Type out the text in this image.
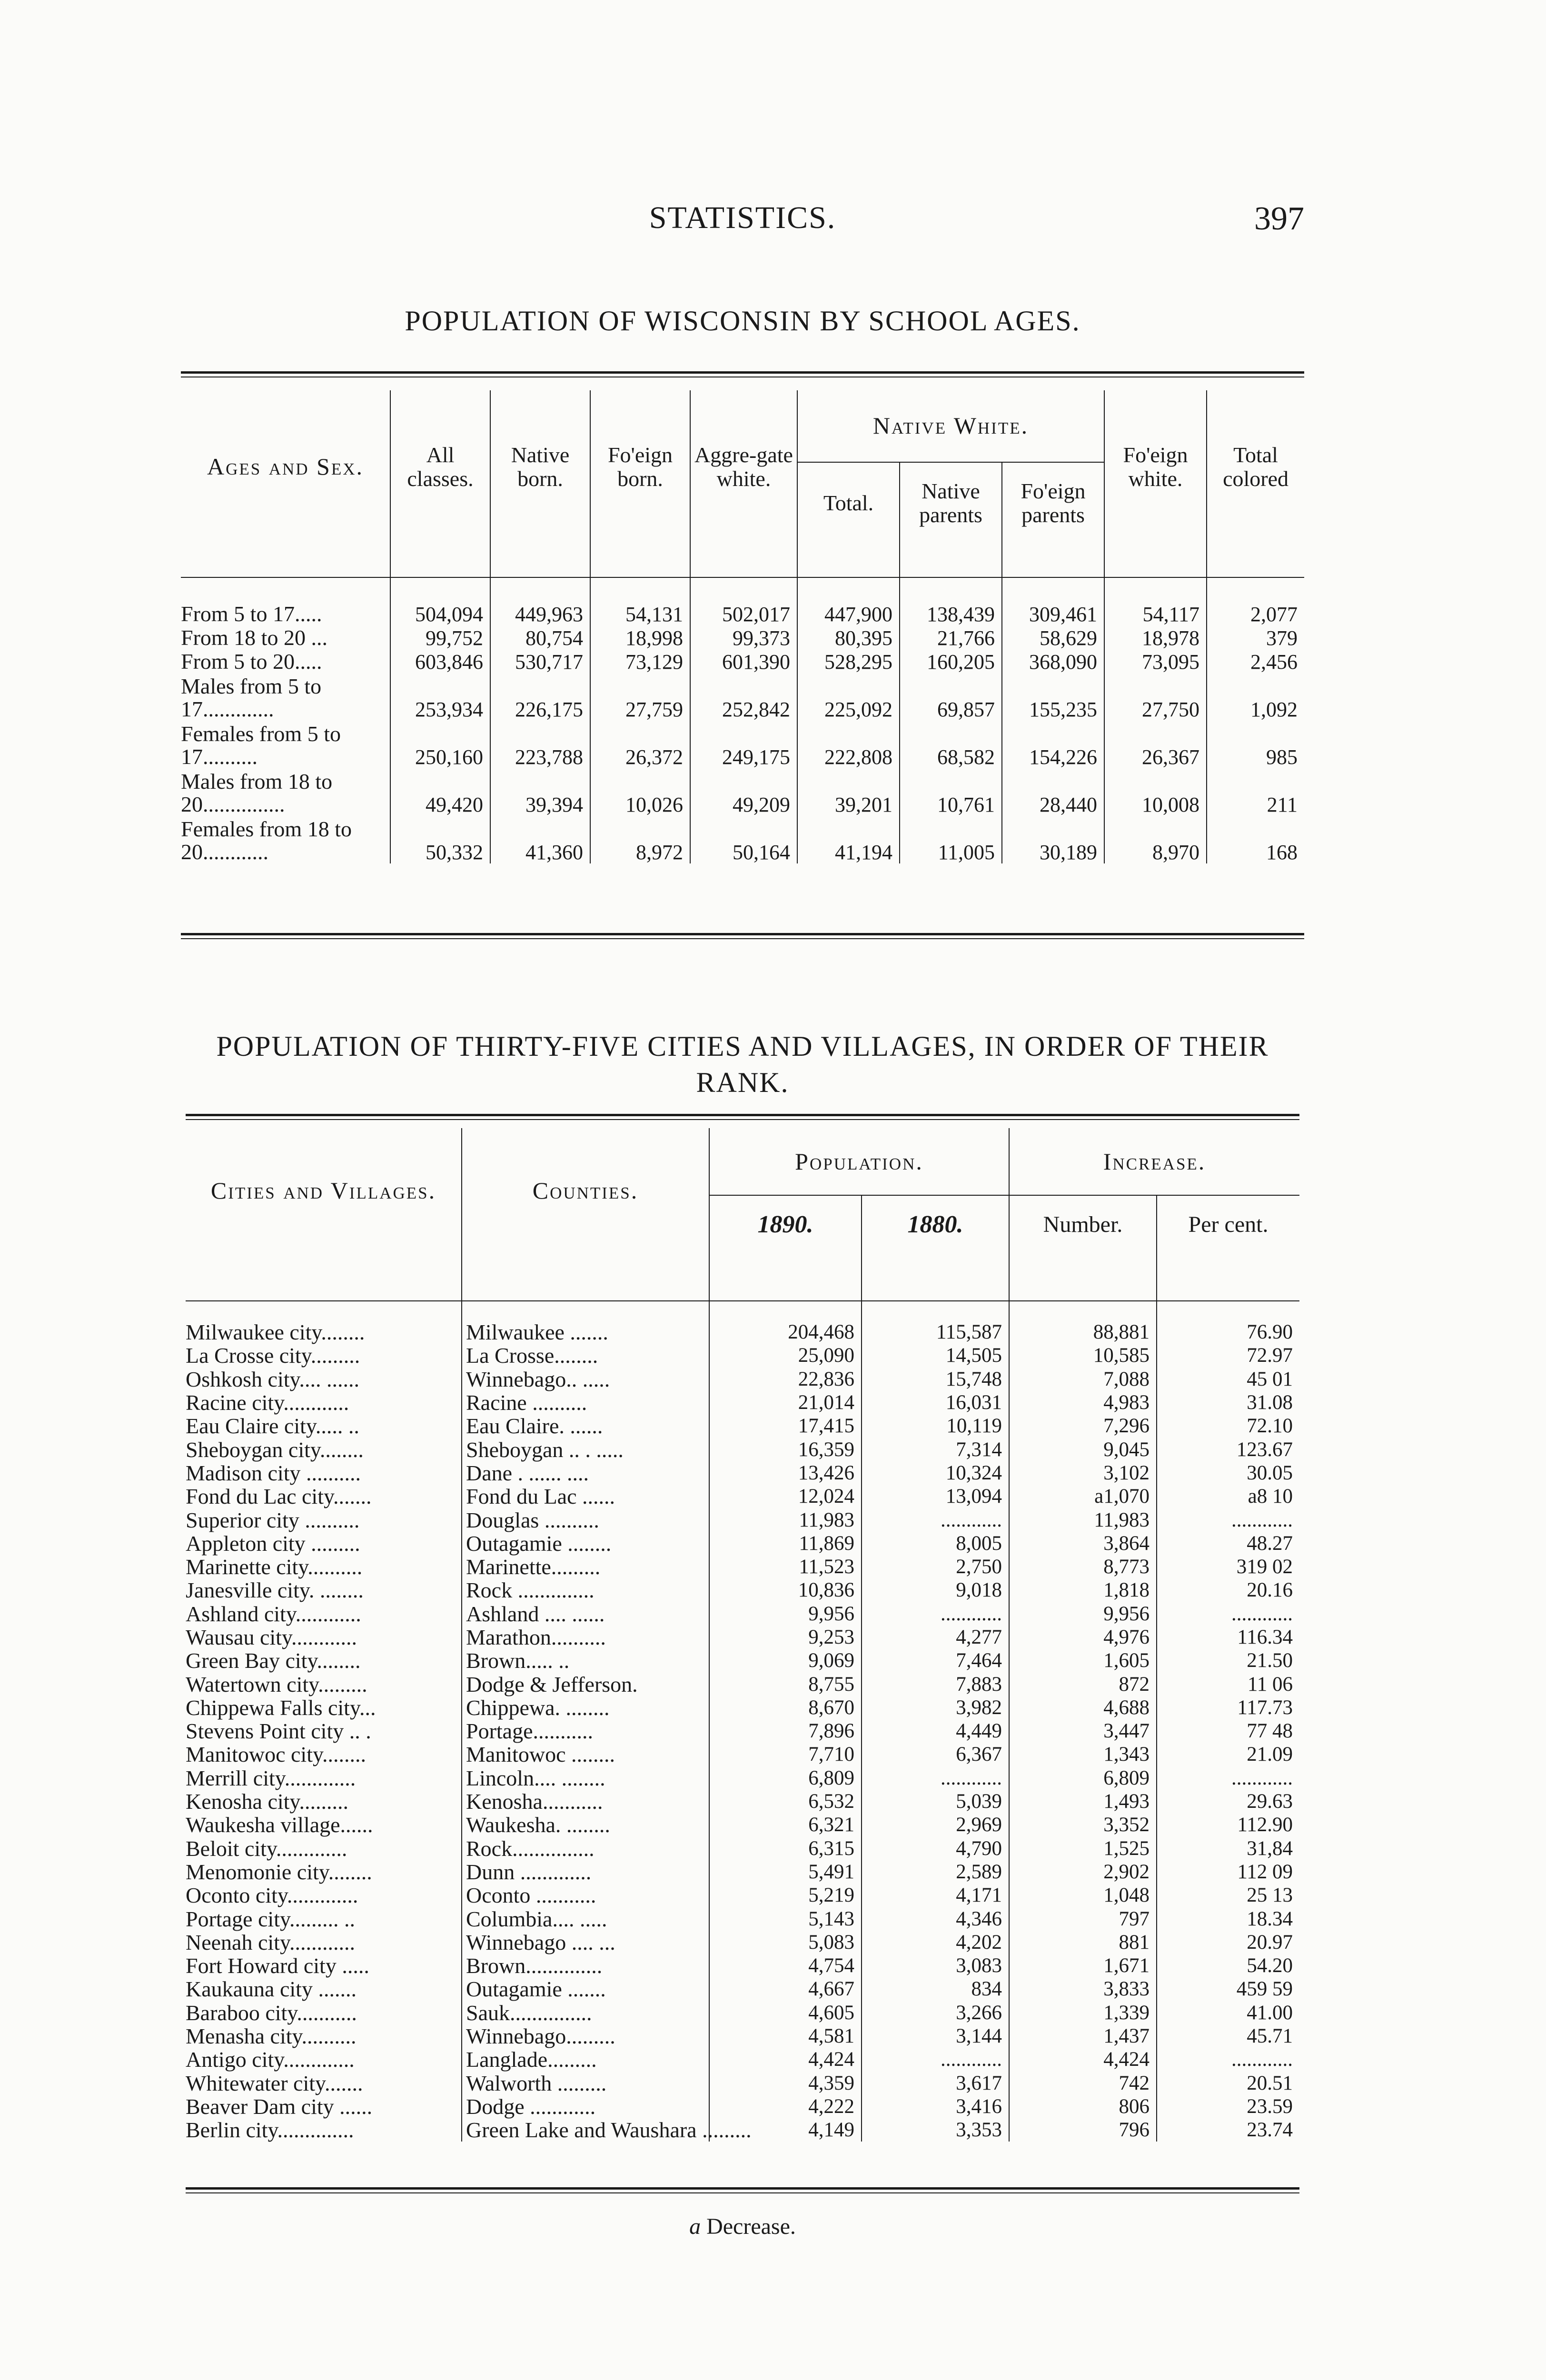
STATISTICS.	397
POPULATION OF WISCONSIN BY SCHOOL AGES.
Ages and Sex.	All classes.	Native born.	Fo'eign born.	Aggre-gate white.	Native White.			Fo'eign white.	Total colored
					Total.	Native parents	Fo'eign parents		

From 5 to 17.....	504,094	449,963	54,131	502,017	447,900	138,439	309,461	54,117	2,077
From 18 to 20 ...	99,752	80,754	18,998	99,373	80,395	21,766	58,629	18,978	379
From 5 to 20.....	603,846	530,717	73,129	601,390	528,295	160,205	368,090	73,095	2,456
Males from 5 to 17.............	253,934	226,175	27,759	252,842	225,092	69,857	155,235	27,750	1,092
Females from 5 to 17..........	250,160	223,788	26,372	249,175	222,808	68,582	154,226	26,367	985
Males from 18 to 20...............	49,420	39,394	10,026	49,209	39,201	10,761	28,440	10,008	211
Females from 18 to 20............	50,332	41,360	8,972	50,164	41,194	11,005	30,189	8,970	168
POPULATION OF THIRTY-FIVE CITIES AND VILLAGES, IN ORDER OF THEIR
RANK.
Cities and Villages.	Counties.	Population.		Increase.	
		1890.	1880.	Number.	Per cent.

Milwaukee city........	Milwaukee .......	204,468	115,587	88,881	76.90
La Crosse city.........	La Crosse........	25,090	14,505	10,585	72.97
Oshkosh city.... ......	Winnebago.. .....	22,836	15,748	7,088	45 01
Racine city............	Racine ..........	21,014	16,031	4,983	31.08
Eau Claire city..... ..	Eau Claire. ......	17,415	10,119	7,296	72.10
Sheboygan city........	Sheboygan .. . .....	16,359	7,314	9,045	123.67
Madison city ..........	Dane . ...... ....	13,426	10,324	3,102	30.05
Fond du Lac city.......	Fond du Lac ......	12,024	13,094	a1,070	a8 10
Superior city ..........	Douglas ..........	11,983	............	11,983	............
Appleton city .........	Outagamie ........	11,869	8,005	3,864	48.27
Marinette city..........	Marinette.........	11,523	2,750	8,773	319 02
Janesville city. ........	Rock ..............	10,836	9,018	1,818	20.16
Ashland city............	Ashland .... ......	9,956	............	9,956	............
Wausau city............	Marathon..........	9,253	4,277	4,976	116.34
Green Bay city........	Brown..... ..	9,069	7,464	1,605	21.50
Watertown city.........	Dodge & Jefferson.	8,755	7,883	872	11 06
Chippewa Falls city...	Chippewa. ........	8,670	3,982	4,688	117.73
Stevens Point city .. .	Portage...........	7,896	4,449	3,447	77 48
Manitowoc city........	Manitowoc ........	7,710	6,367	1,343	21.09
Merrill city.............	Lincoln.... ........	6,809	............	6,809	............
Kenosha city.........	Kenosha...........	6,532	5,039	1,493	29.63
Waukesha village......	Waukesha. ........	6,321	2,969	3,352	112.90
Beloit city.............	Rock...............	6,315	4,790	1,525	31,84
Menomonie city........	Dunn .............	5,491	2,589	2,902	112 09
Oconto city.............	Oconto ...........	5,219	4,171	1,048	25 13
Portage city......... ..	Columbia.... .....	5,143	4,346	797	18.34
Neenah city............	Winnebago .... ...	5,083	4,202	881	20.97
Fort Howard city .....	Brown..............	4,754	3,083	1,671	54.20
Kaukauna city .......	Outagamie .......	4,667	834	3,833	459 59
Baraboo city...........	Sauk...............	4,605	3,266	1,339	41.00
Menasha city..........	Winnebago.........	4,581	3,144	1,437	45.71
Antigo city.............	Langlade.........	4,424	............	4,424	............
Whitewater city.......	Walworth .........	4,359	3,617	742	20.51
Beaver Dam city ......	Dodge ............	4,222	3,416	806	23.59
Berlin city..............	Green Lake and Waushara .........	4,149	3,353	796	23.74
a Decrease.
